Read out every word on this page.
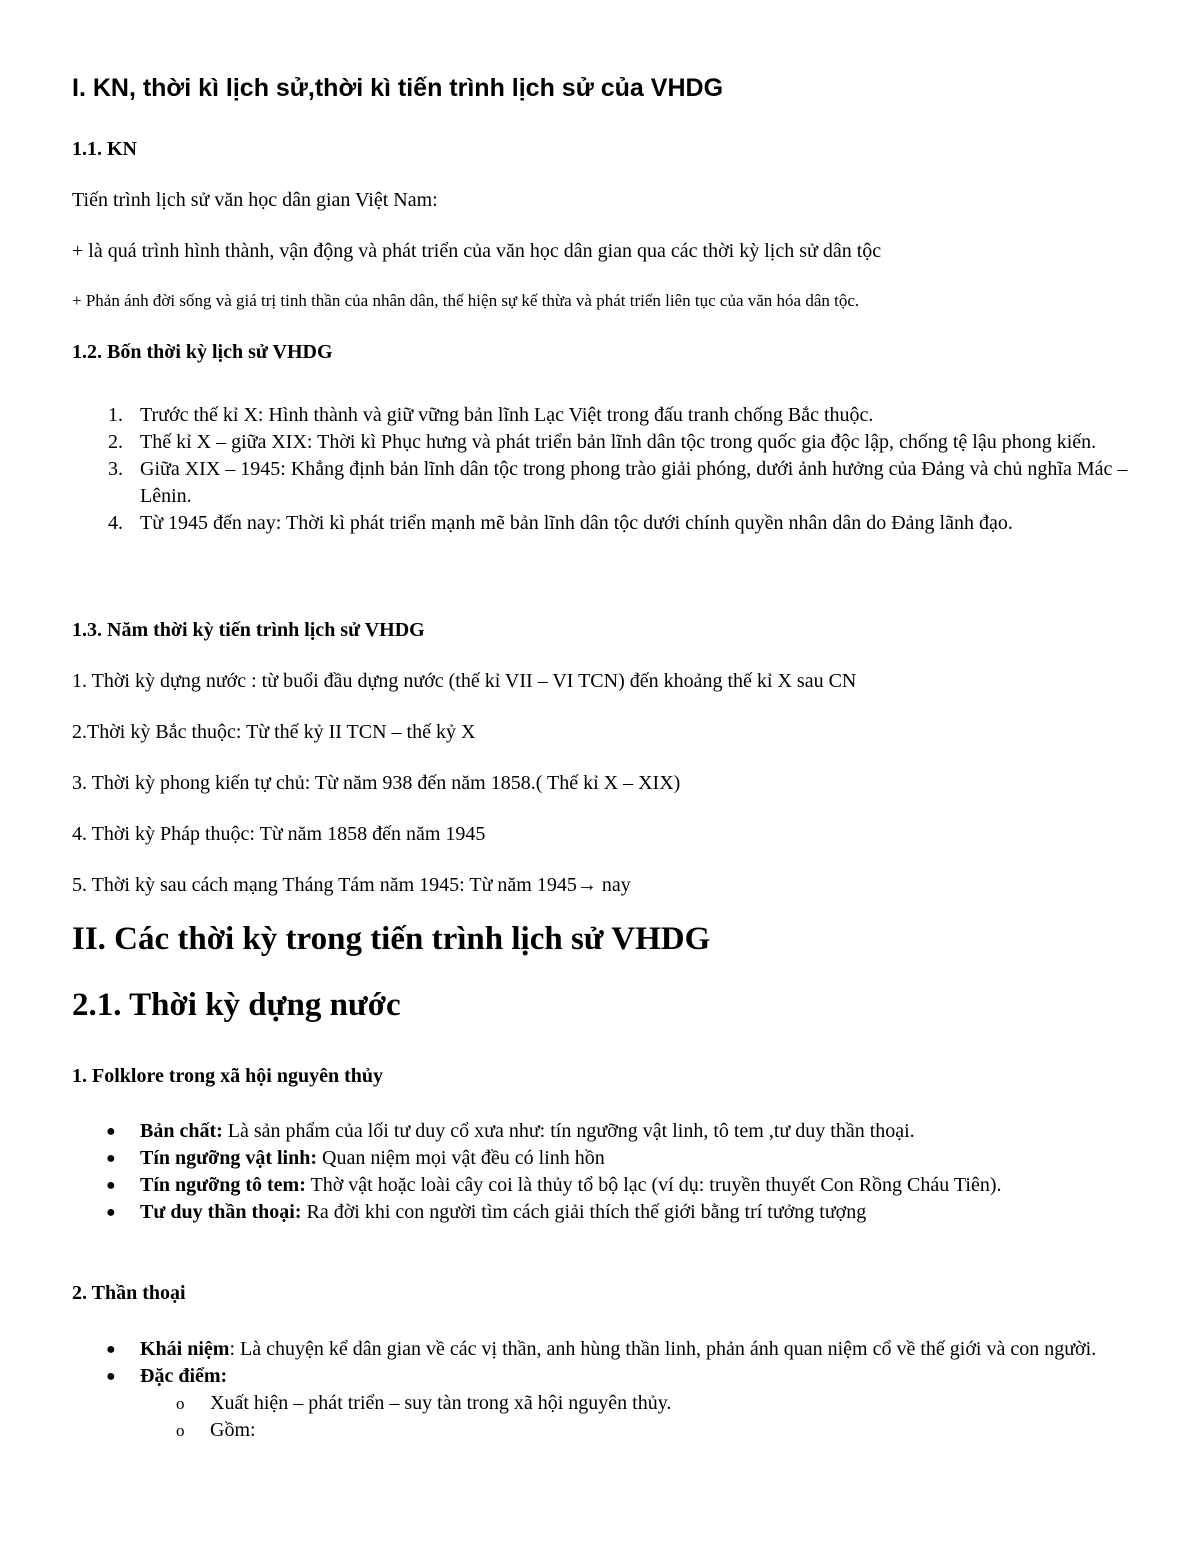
I. KN, thời kì lịch sử,thời kì tiến trình lịch sử của VHDG
1.1. KN
Tiến trình lịch sử văn học dân gian Việt Nam:
+ là quá trình hình thành, vận động và phát triển của văn học dân gian qua các thời kỳ lịch sử dân tộc
+ Phản ánh đời sống và giá trị tinh thần của nhân dân, thể hiện sự kế thừa và phát triển liên tục của văn hóa dân tộc.
1.2. Bốn thời kỳ lịch sử VHDG
1. Trước thế kỉ X: Hình thành và giữ vững bản lĩnh Lạc Việt trong đấu tranh chống Bắc thuộc.
2. Thế kỉ X – giữa XIX: Thời kì Phục hưng và phát triển bản lĩnh dân tộc trong quốc gia độc lập, chống tệ lậu phong kiến.
3. Giữa XIX – 1945: Khẳng định bản lĩnh dân tộc trong phong trào giải phóng, dưới ảnh hưởng của Đảng và chủ nghĩa Mác – Lênin.
4. Từ 1945 đến nay: Thời kì phát triển mạnh mẽ bản lĩnh dân tộc dưới chính quyền nhân dân do Đảng lãnh đạo.
1.3. Năm thời kỳ tiến trình lịch sử VHDG
1. Thời kỳ dựng nước : từ buổi đầu dựng nước (thế kỉ VII – VI TCN) đến khoảng thế kỉ X sau CN
2.Thời kỳ Bắc thuộc: Từ thế kỷ II TCN – thế kỷ X
3. Thời kỳ phong kiến tự chủ: Từ năm 938 đến năm 1858.( Thế kỉ X – XIX)
4. Thời kỳ Pháp thuộc: Từ năm 1858 đến năm 1945
5. Thời kỳ sau cách mạng Tháng Tám năm 1945: Từ năm 1945→ nay
II. Các thời kỳ trong tiến trình lịch sử VHDG
2.1. Thời kỳ dựng nước
1. Folklore trong xã hội nguyên thủy
● Bản chất: Là sản phẩm của lối tư duy cổ xưa như: tín ngưỡng vật linh, tô tem ,tư duy thần thoại.
● Tín ngưỡng vật linh: Quan niệm mọi vật đều có linh hồn
● Tín ngưỡng tô tem: Thờ vật hoặc loài cây coi là thủy tổ bộ lạc (ví dụ: truyền thuyết Con Rồng Cháu Tiên).
● Tư duy thần thoại: Ra đời khi con người tìm cách giải thích thế giới bằng trí tưởng tượng
2. Thần thoại
● Khái niệm: Là chuyện kể dân gian về các vị thần, anh hùng thần linh, phản ánh quan niệm cổ về thế giới và con người.
● Đặc điểm:
o Xuất hiện – phát triển – suy tàn trong xã hội nguyên thủy.
o Gồm:
